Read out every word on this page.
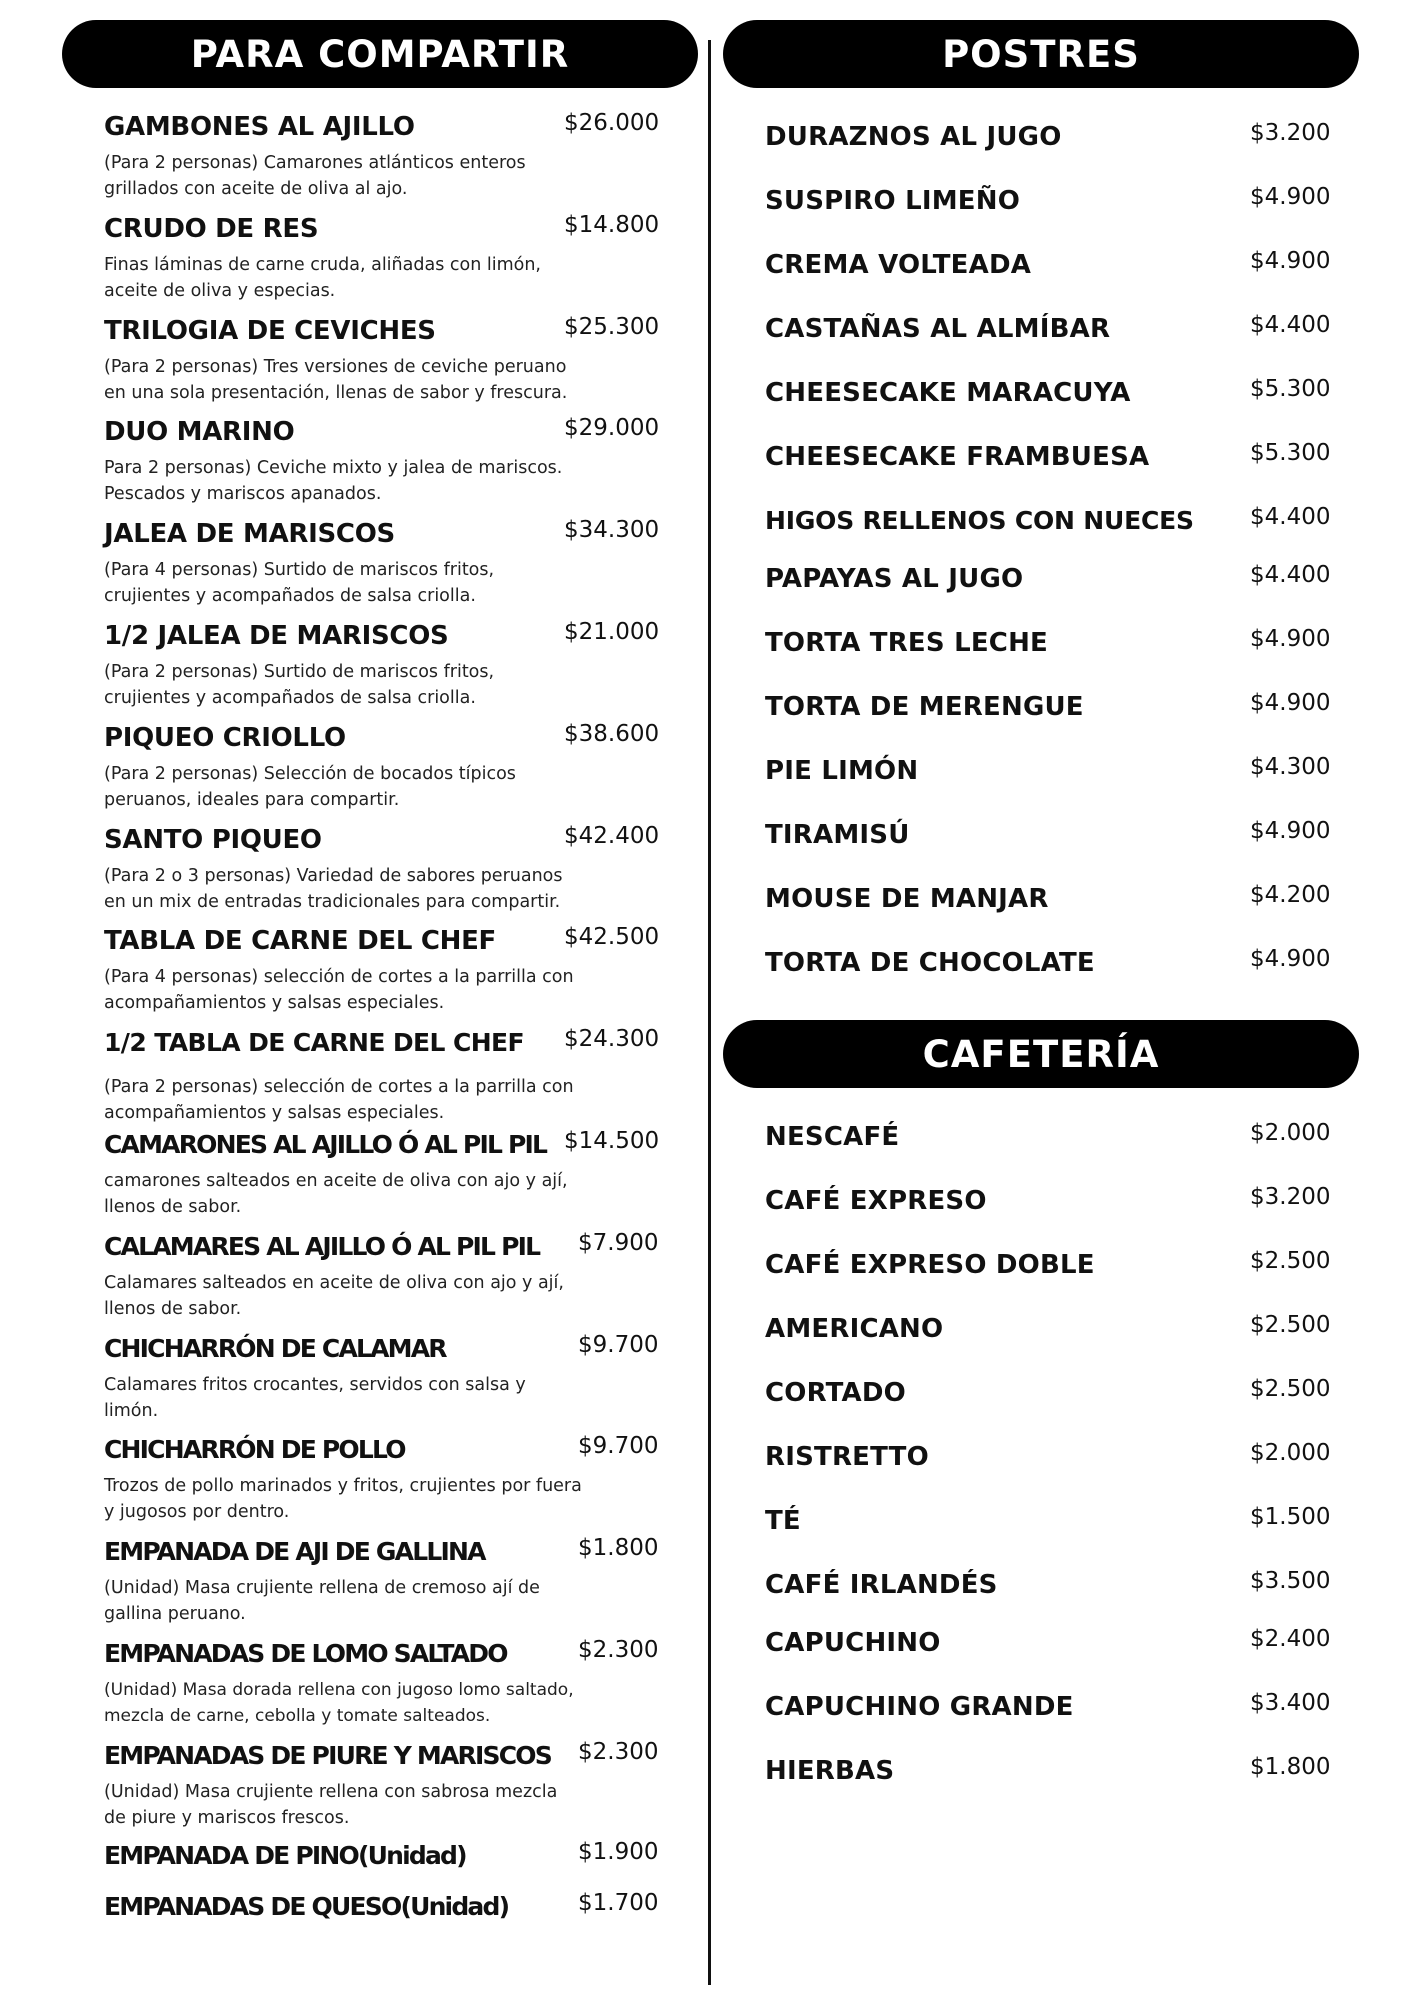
PARA COMPARTIR
GAMBONES AL AJILLO	$26.000
(Para 2 personas) Camarones atlánticos enteros grillados con aceite de oliva al ajo.
CRUDO DE RES	$14.800
Finas láminas de carne cruda, aliñadas con limón, aceite de oliva y especias.
TRILOGIA DE CEVICHES	$25.300
(Para 2 personas) Tres versiones de ceviche peruano en una sola presentación, llenas de sabor y frescura.
DUO MARINO	$29.000
Para 2 personas) Ceviche mixto y jalea de mariscos. Pescados y mariscos apanados.
JALEA DE MARISCOS	$34.300
(Para 4 personas) Surtido de mariscos fritos, crujientes y acompañados de salsa criolla.
1/2 JALEA DE MARISCOS	$21.000
(Para 2 personas) Surtido de mariscos fritos, crujientes y acompañados de salsa criolla.
PIQUEO CRIOLLO	$38.600
(Para 2 personas) Selección de bocados típicos peruanos, ideales para compartir.
SANTO PIQUEO	$42.400
(Para 2 o 3 personas) Variedad de sabores peruanos en un mix de entradas tradicionales para compartir.
TABLA DE CARNE DEL CHEF	$42.500
(Para 4 personas) selección de cortes a la parrilla con acompañamientos y salsas especiales.
1/2 TABLA DE CARNE DEL CHEF $24.300
(Para 2 personas) selección de cortes a la parrilla con acompañamientos y salsas especiales.
CAMARONES AL AJILLO Ó AL PIL PIL $14.500
camarones salteados en aceite de oliva con ajo y ají, llenos de sabor.
CALAMARES AL AJILLO Ó AL PIL PIL	$7.900
Calamares salteados en aceite de oliva con ajo y ají, llenos de sabor.
CHICHARRÓN DE CALAMAR	$9.700
Calamares fritos crocantes, servidos con salsa y limón.
CHICHARRÓN DE POLLO	$9.700
Trozos de pollo marinados y fritos, crujientes por fuera y jugosos por dentro.
EMPANADA DE AJI DE GALLINA	$1.800
(Unidad) Masa crujiente rellena de cremoso ají de gallina peruano.
EMPANADAS DE LOMO SALTADO	$2.300
(Unidad) Masa dorada rellena con jugoso lomo saltado, mezcla de carne, cebolla y tomate salteados.
EMPANADAS DE PIURE Y MARISCOS	$2.300
(Unidad) Masa crujiente rellena con sabrosa mezcla de piure y mariscos frescos.
EMPANADA DE PINO(Unidad)	$1.900
EMPANADAS DE QUESO(Unidad)	$1.700
POSTRES
DURAZNOS AL JUGO	$3.200
SUSPIRO LIMEÑO	$4.900
CREMA VOLTEADA	$4.900
CASTAÑAS AL ALMÍBAR	$4.400
CHEESECAKE MARACUYA	$5.300
CHEESECAKE FRAMBUESA	$5.300
HIGOS RELLENOS CON NUECES $4.400
PAPAYAS AL JUGO	$4.400
TORTA TRES LECHE	$4.900
TORTA DE MERENGUE	$4.900
PIE LIMÓN	$4.300
TIRAMISÚ	$4.900
MOUSE DE MANJAR	$4.200
TORTA DE CHOCOLATE	$4.900
CAFETERÍA
NESCAFÉ	$2.000
CAFÉ EXPRESO	$3.200
CAFÉ EXPRESO DOBLE	$2.500
AMERICANO	$2.500
CORTADO	$2.500
RISTRETTO	$2.000
TÉ	$1.500
CAFÉ IRLANDÉS	$3.500
CAPUCHINO	$2.400
CAPUCHINO GRANDE	$3.400
HIERBAS	$1.800
